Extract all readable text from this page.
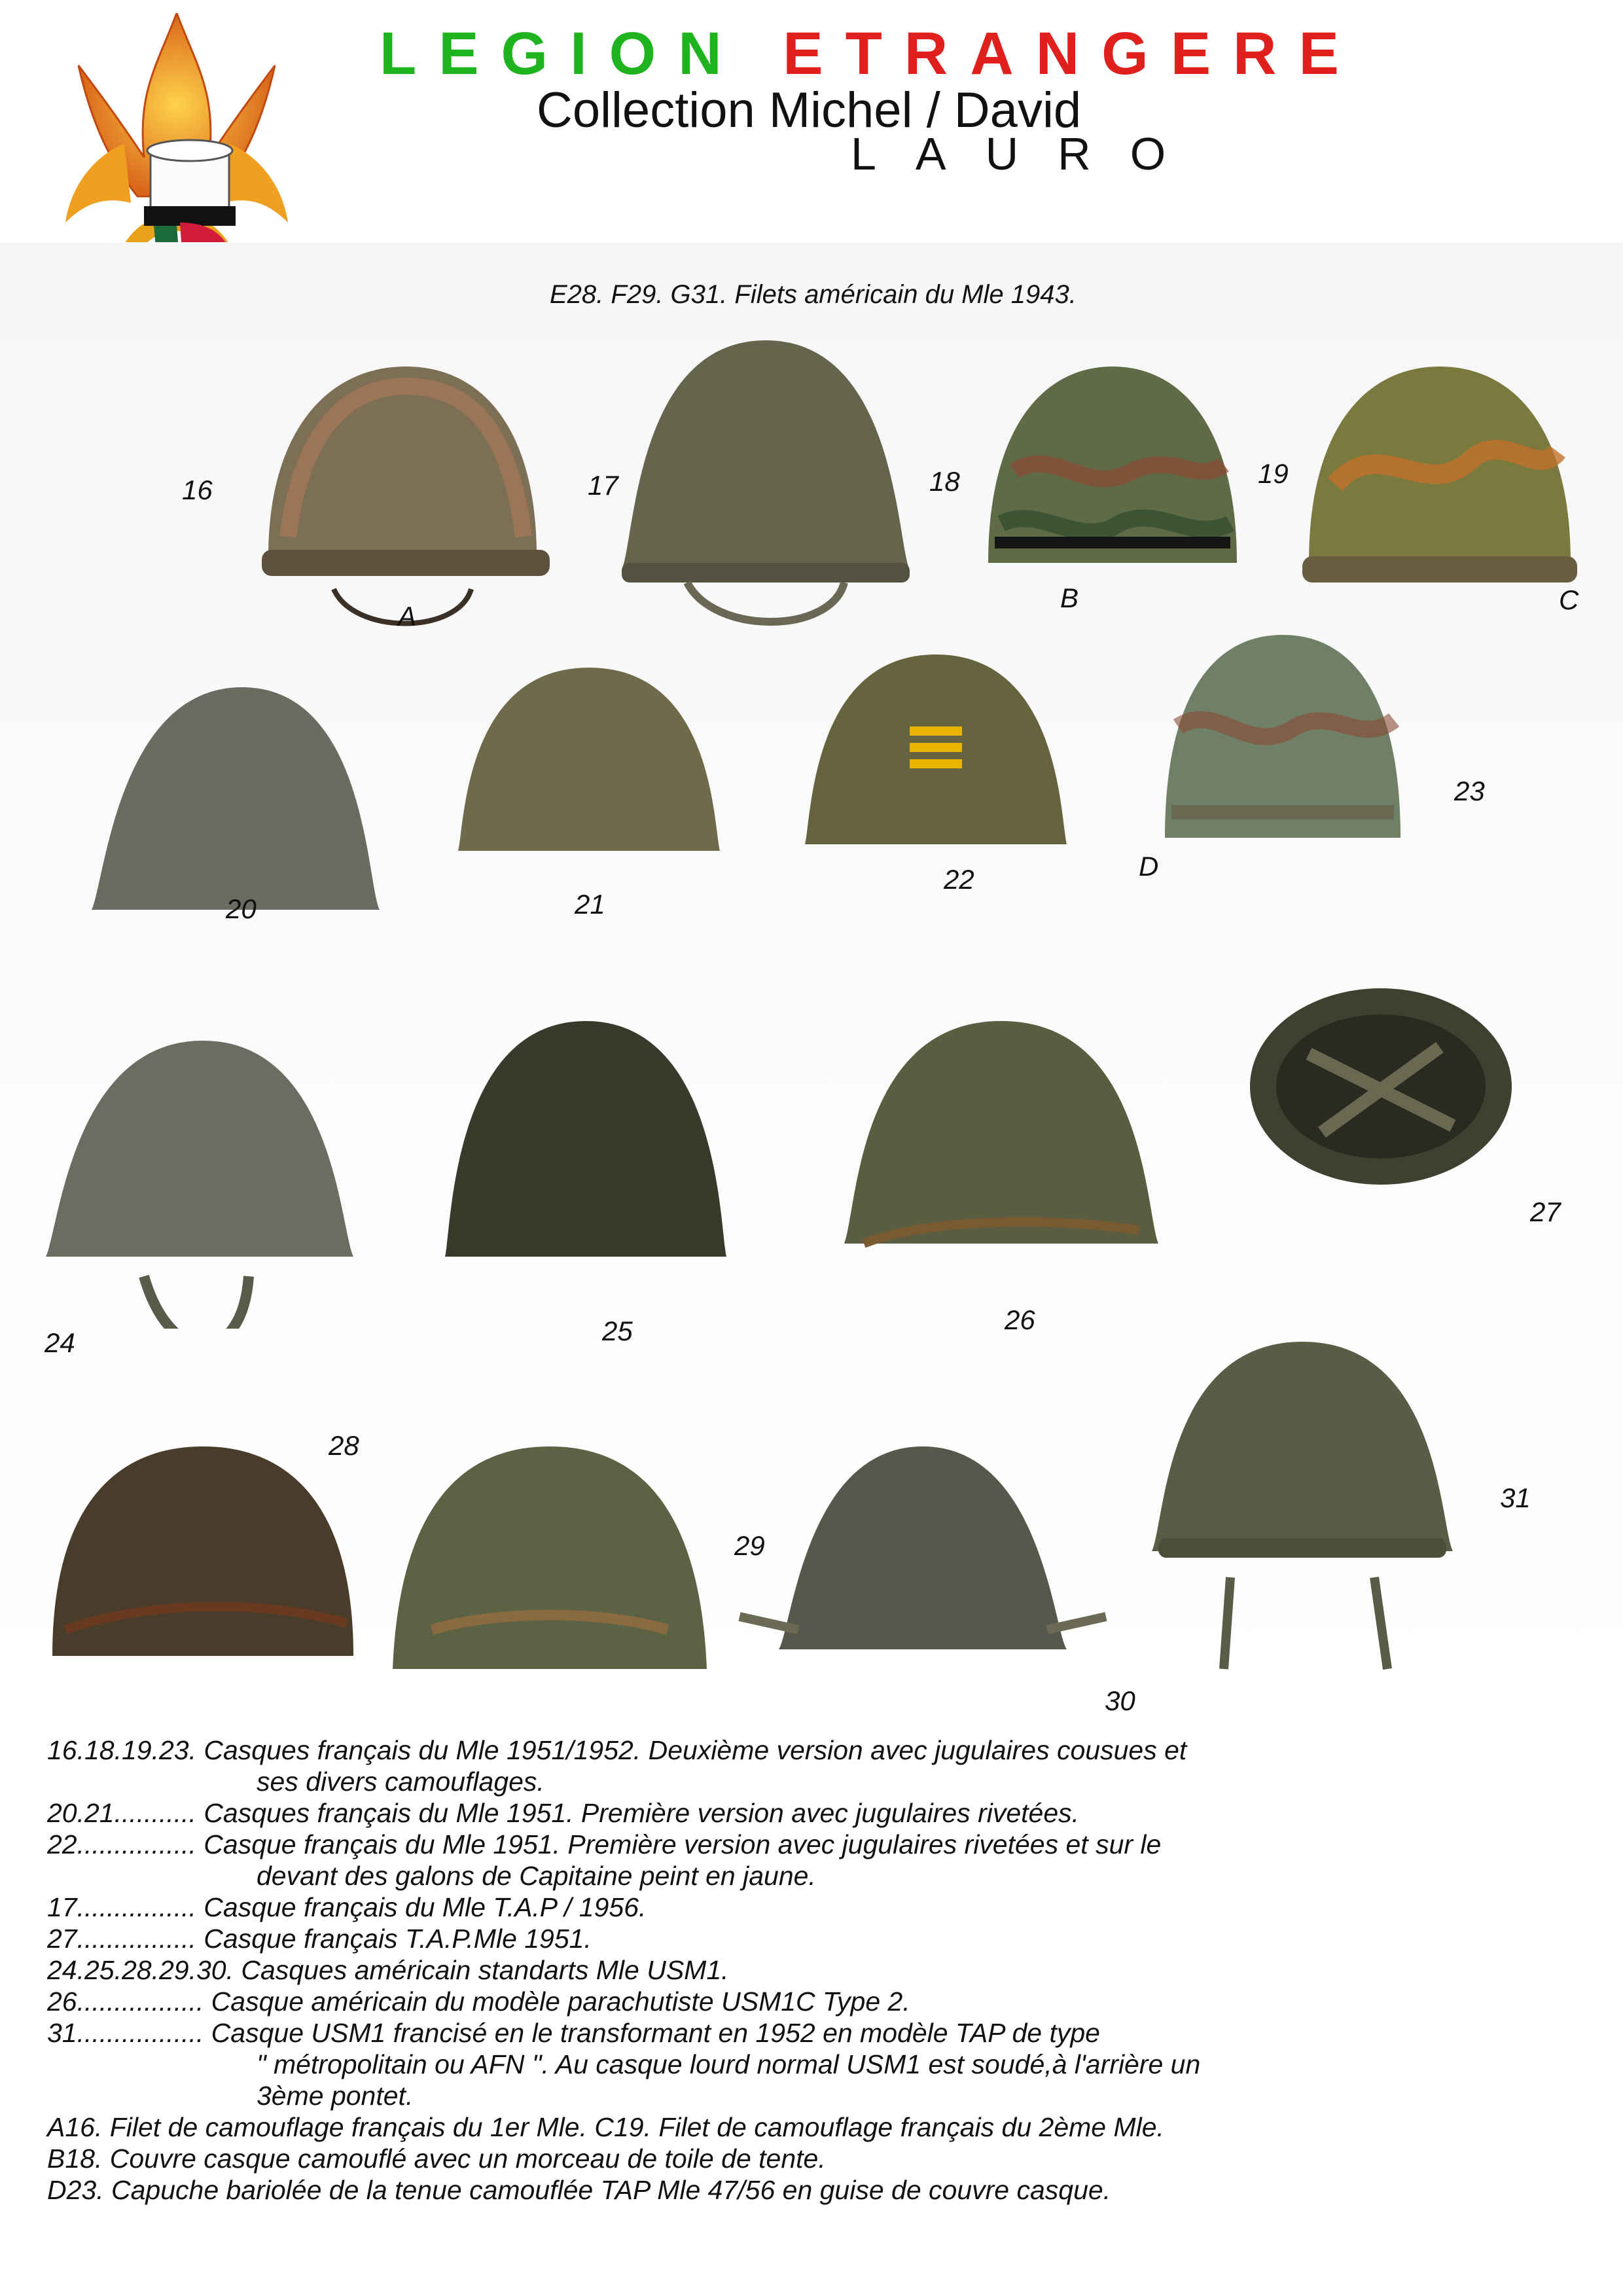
LEGION ETRANGERE
Collection Michel / David
LAURO
E28. F29. G31. Filets américain du Mle 1943.
16	17	18	19
20	21
22
23
24	25	26
27
28
29
30
31
A
B	C
D
16.18.19.23. Casques français du Mle 1951/1952. Deuxième version avec jugulaires cousues et
ses divers camouflages.
20.21........... Casques français du Mle 1951. Première version avec jugulaires rivetées.
22................ Casque français du Mle 1951. Première version avec jugulaires rivetées et sur le
devant des galons de Capitaine peint en jaune.
17................ Casque français du Mle T.A.P / 1956.
27................ Casque français T.A.P.Mle 1951.
24.25.28.29.30. Casques américain standarts Mle USM1.
26................. Casque américain du modèle parachutiste USM1C Type 2.
31................. Casque USM1 francisé en le transformant en 1952 en modèle TAP de type
" métropolitain ou AFN ". Au casque lourd normal USM1 est soudé,à l'arrière un
3ème pontet.
A16. Filet de camouflage français du 1er Mle. C19. Filet de camouflage français du 2ème Mle.
B18. Couvre casque camouflé avec un morceau de toile de tente.
D23. Capuche bariolée de la tenue camouflée TAP Mle 47/56 en guise de couvre casque.
